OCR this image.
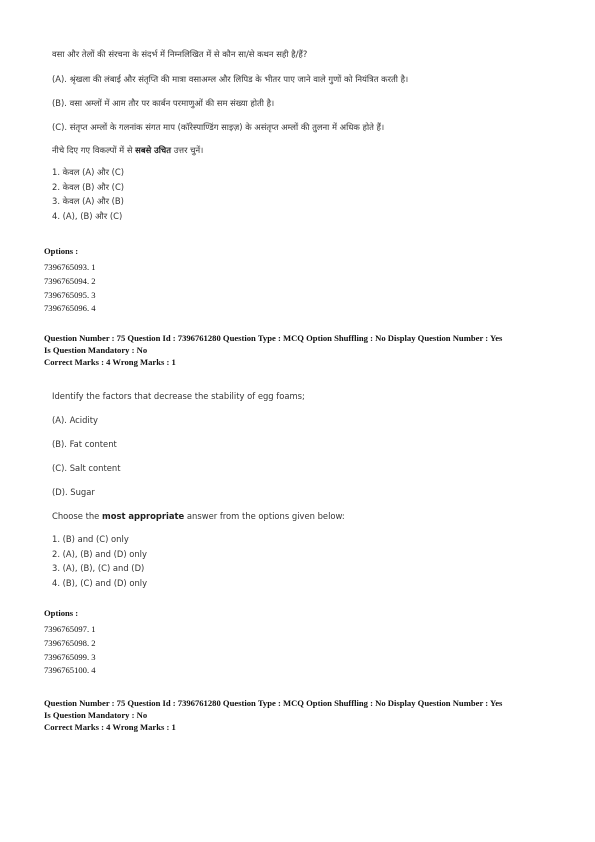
वसा और तेलों की संरचना के संदर्भ में निम्नलिखित में से कौन सा/से कथन सही है/हैं?

(A). श्रृंखला की लंबाई और संतृप्ति की मात्रा वसाअम्ल और लिपिड के भीतर पाए जाने वाले गुणों को नियंत्रित करती है।

(B). वसा अम्लों में आम तौर पर कार्बन परमाणुओं की सम संख्या होती है।

(C). संतृप्त अम्लों के गलनांक संगत माप (कॉरेस्पाण्डिंग साइज़) के असंतृप्त अम्लों की तुलना में अधिक होते हैं।

नीचे दिए गए विकल्पों में से सबसे उचित उत्तर चुनें।

1. केवल (A) और (C)
2. केवल (B) और (C)
3. केवल (A) और (B)
4. (A), (B) और (C)

Options :

7396765093. 1

7396765094. 2

7396765095. 3

7396765096. 4

Question Number : 75 Question Id : 7396761280 Question Type : MCQ Option Shuffling : No Display Question Number : Yes

Is Question Mandatory : No

Correct Marks : 4 Wrong Marks : 1

Identify the factors that decrease the stability of egg foams;

(A). Acidity

(B). Fat content

(C). Salt content

(D). Sugar

Choose the most appropriate answer from the options given below:

1. (B) and (C) only
2. (A), (B) and (D) only
3. (A), (B), (C) and (D)
4. (B), (C) and (D) only

Options :

7396765097. 1

7396765098. 2

7396765099. 3

7396765100. 4

Question Number : 75 Question Id : 7396761280 Question Type : MCQ Option Shuffling : No Display Question Number : Yes

Is Question Mandatory : No

Correct Marks : 4 Wrong Marks : 1
